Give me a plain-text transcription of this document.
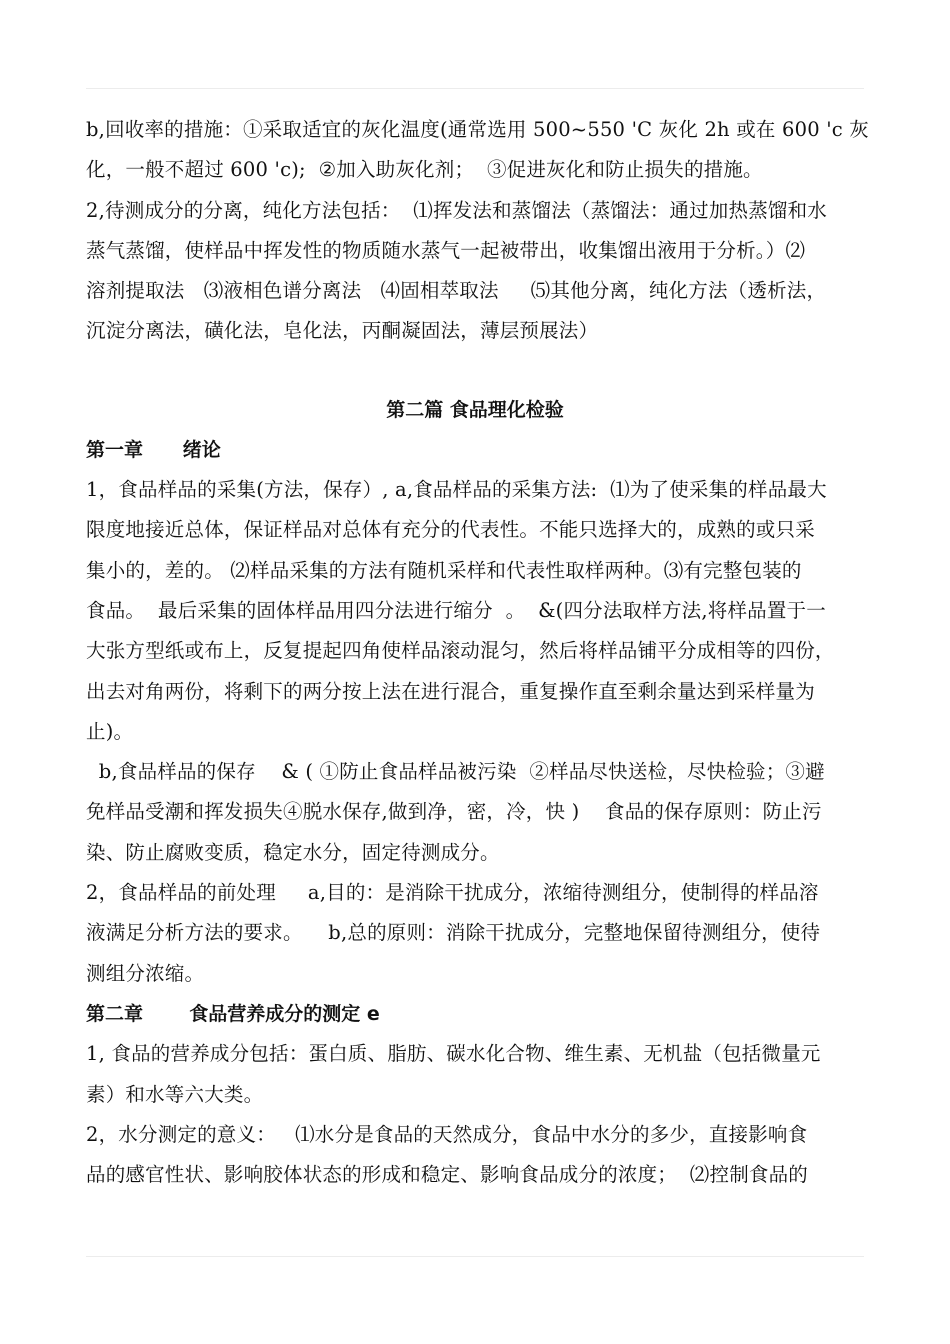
b,回收率的措施：①采取适宜的灰化温度(通常选用 500~550 'C 灰化 2h 或在 600 'c 灰
化，一般不超过 600 'c);  ②加入助灰化剂；  ③促进灰化和防止损失的措施。
2,待测成分的分离，纯化方法包括：  ⑴挥发法和蒸馏法（蒸馏法：通过加热蒸馏和水
蒸气蒸馏，使样品中挥发性的物质随水蒸气一起被带出，收集馏出液用于分析。）⑵
溶剂提取法   ⑶液相色谱分离法   ⑷固相萃取法     ⑸其他分离，纯化方法（透析法，
沉淀分离法，磺化法，皂化法，丙酮凝固法，薄层预展法）
第二篇 食品理化检验
第一章      绪论
1，食品样品的采集(方法，保存）, a,食品样品的采集方法:  ⑴为了使采集的样品最大
限度地接近总体，保证样品对总体有充分的代表性。不能只选择大的，成熟的或只采
集小的，差的。 ⑵样品采集的方法有随机采样和代表性取样两种。⑶有完整包装的
食品。  最后采集的固体样品用四分法进行缩分  。  &(四分法取样方法,将样品置于一
大张方型纸或布上，反复提起四角使样品滚动混匀，然后将样品铺平分成相等的四份，
出去对角两份，将剩下的两分按上法在进行混合，重复操作直至剩余量达到采样量为
止)。
b,食品样品的保存    & ( ①防止食品样品被污染  ②样品尽快送检，尽快检验；③避
免样品受潮和挥发损失④脱水保存,做到净，密，冷，快 )    食品的保存原则：防止污
染、防止腐败变质，稳定水分，固定待测成分。
2，食品样品的前处理     a,目的：是消除干扰成分，浓缩待测组分，使制得的样品溶
液满足分析方法的要求。    b,总的原则：消除干扰成分，完整地保留待测组分，使待
测组分浓缩。
第二章       食品营养成分的测定 e
1, 食品的营养成分包括：蛋白质、脂肪、碳水化合物、维生素、无机盐（包括微量元
素）和水等六大类。
2，水分测定的意义：   ⑴水分是食品的天然成分，食品中水分的多少，直接影响食
品的感官性状、影响胶体状态的形成和稳定、影响食品成分的浓度；  ⑵控制食品的
